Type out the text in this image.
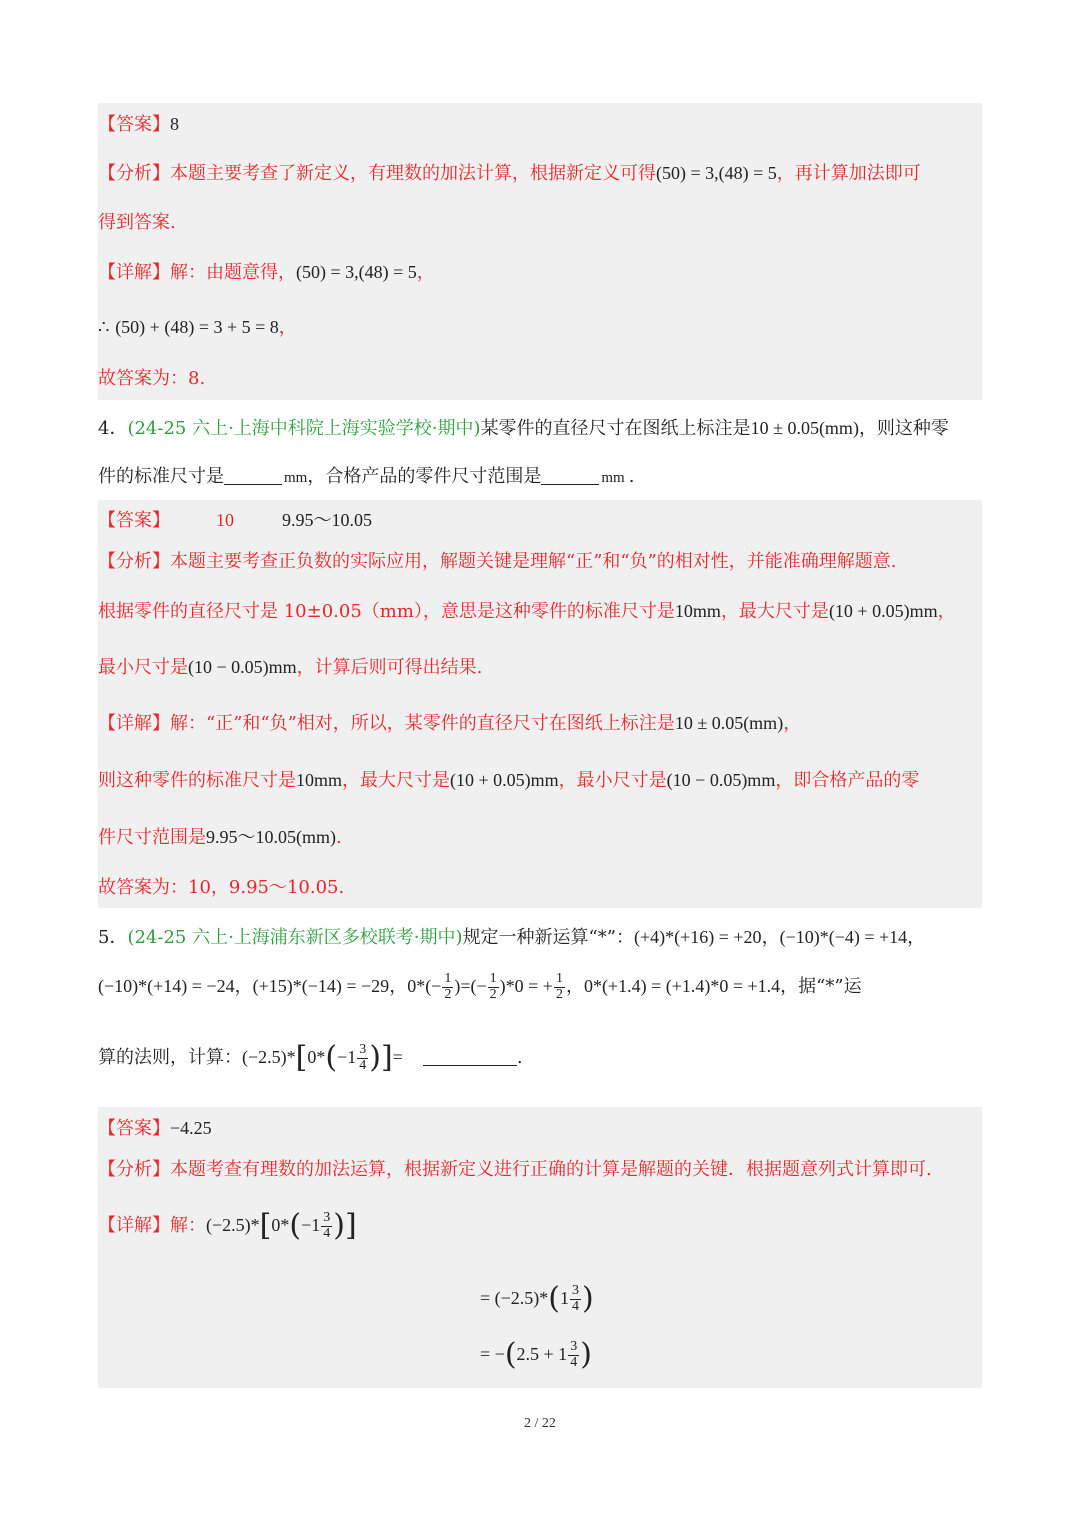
【答案】8
【分析】本题主要考查了新定义，有理数的加法计算，根据新定义可得(50) = 3,(48) = 5，再计算加法即可
得到答案.
【详解】解：由题意得，(50) = 3,(48) = 5，
∴ (50) + (48) = 3 + 5 = 8，
故答案为：8.
4．(24-25 六上·上海中科院上海实验学校·期中)某零件的直径尺寸在图纸上标注是10 ± 0.05(mm)，则这种零
件的标准尺寸是	mm，合格产品的零件尺寸范围是	mm .
【答案】	10	9.95～10.05
【分析】本题主要考查正负数的实际应用，解题关键是理解“正”和“负”的相对性，并能准确理解题意.
根据零件的直径尺寸是 10±0.05（mm），意思是这种零件的标准尺寸是10mm，最大尺寸是(10 + 0.05)mm，
最小尺寸是(10 − 0.05)mm，计算后则可得出结果.
【详解】解：“正”和“负”相对，所以，某零件的直径尺寸在图纸上标注是10 ± 0.05(mm)，
则这种零件的标准尺寸是10mm，最大尺寸是(10 + 0.05)mm，最小尺寸是(10 − 0.05)mm，即合格产品的零
件尺寸范围是9.95～10.05(mm).
故答案为：10，9.95～10.05.
5．(24-25 六上·上海浦东新区多校联考·期中)规定一种新运算“*”：(+4)*(+16) = +20，(−10)*(−4) = +14，
(−10)*(+14) = −24，(+15)*(−14) = −29，$0*(- \frac{1}{2}$ )=(− $\frac{1}{2} )*0$ = + $\frac{1}{2}$ ，0*(+1.4) = (+1.4)*0 = +1.4，据“*”运
算的法则，计算：$(-2.5)*[0*(-1 \frac{3}{4}$ )]=	.
【答案】−4.25
【分析】本题考查有理数的加法运算，根据新定义进行正确的计算是解题的关键．根据题意列式计算即可.
【详解】解：$(-2.5)*[0*(-1 \frac{3}{4}$ )]
= $(-2.5)*(1 \frac{3}{4}$ )
= $-(2.5 + 1 \frac{3}{4}$ )
2 / 22
